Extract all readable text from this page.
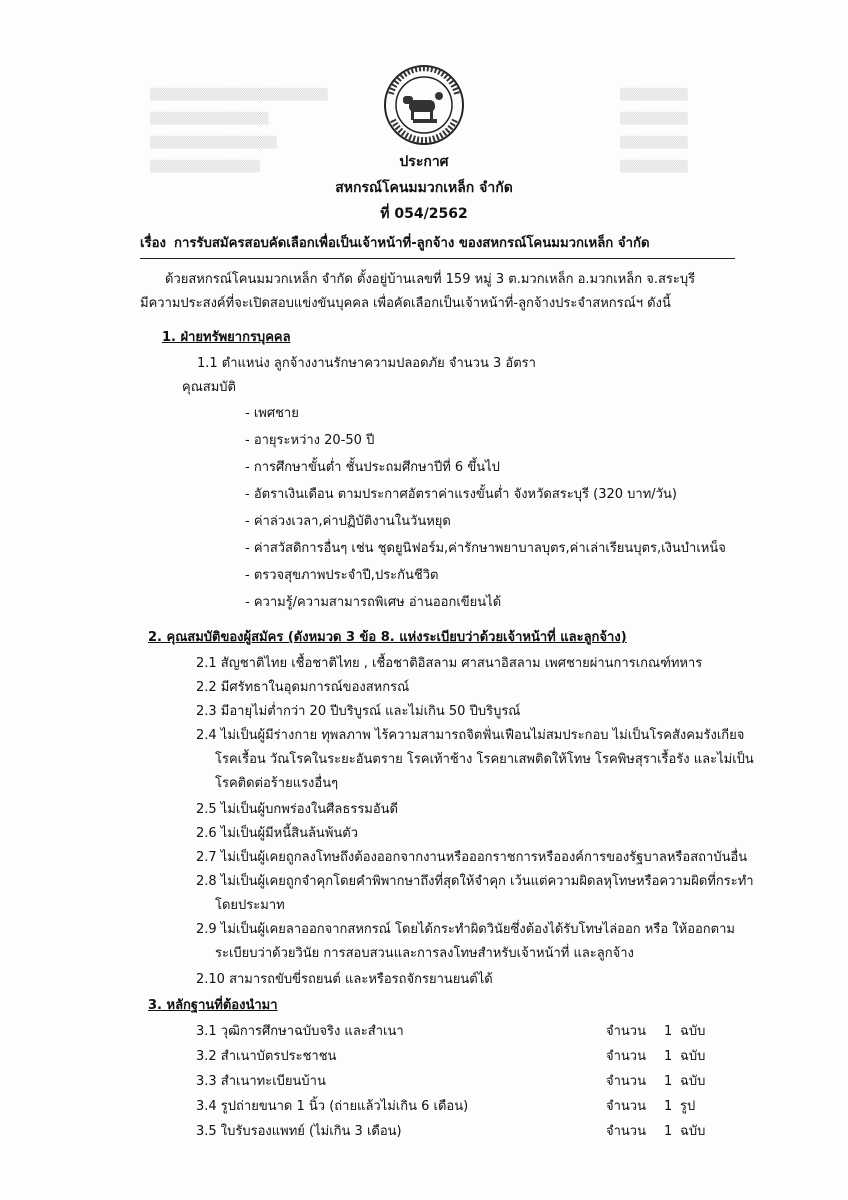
▒▒▒▒▒▒▒▒▒▒▒▒▒▒▒▒▒▒▒▒▒	▒▒▒▒▒▒▒▒
▒▒▒▒▒▒▒▒▒▒▒▒▒▒	▒▒▒▒▒▒▒▒
▒▒▒▒▒▒▒▒▒▒▒▒▒▒▒	▒▒▒▒▒▒▒▒
▒▒▒▒▒▒▒▒▒▒▒▒▒	▒▒▒▒▒▒▒▒
ประกาศ
สหกรณ์โคนมมวกเหล็ก จำกัด
ที่ 054/2562
เรื่อง การรับสมัครสอบคัดเลือกเพื่อเป็นเจ้าหน้าที่-ลูกจ้าง ของสหกรณ์โคนมมวกเหล็ก จำกัด
ด้วยสหกรณ์โคนมมวกเหล็ก จำกัด ตั้งอยู่บ้านเลขที่ 159 หมู่ 3 ต.มวกเหล็ก อ.มวกเหล็ก จ.สระบุรี
มีความประสงค์ที่จะเปิดสอบแข่งขันบุคคล เพื่อคัดเลือกเป็นเจ้าหน้าที่-ลูกจ้างประจำสหกรณ์ฯ ดังนี้
1. ฝ่ายทรัพยากรบุคคล
1.1 ตำแหน่ง ลูกจ้างงานรักษาความปลอดภัย จำนวน 3 อัตรา
คุณสมบัติ
- เพศชาย
- อายุระหว่าง 20-50 ปี
- การศึกษาขั้นต่ำ ชั้นประถมศึกษาปีที่ 6 ขึ้นไป
- อัตราเงินเดือน ตามประกาศอัตราค่าแรงขั้นต่ำ จังหวัดสระบุรี (320 บาท/วัน)
- ค่าล่วงเวลา,ค่าปฏิบัติงานในวันหยุด
- ค่าสวัสดิการอื่นๆ เช่น ชุดยูนิฟอร์ม,ค่ารักษาพยาบาลบุตร,ค่าเล่าเรียนบุตร,เงินบำเหน็จ
- ตรวจสุขภาพประจำปี,ประกันชีวิต
- ความรู้/ความสามารถพิเศษ อ่านออกเขียนได้
2. คุณสมบัติของผู้สมัคร (ดังหมวด 3 ข้อ 8. แห่งระเบียบว่าด้วยเจ้าหน้าที่ และลูกจ้าง)
2.1 สัญชาติไทย เชื้อชาติไทย , เชื้อชาติอิสลาม ศาสนาอิสลาม เพศชายผ่านการเกณฑ์ทหาร
2.2 มีศรัทธาในอุดมการณ์ของสหกรณ์
2.3 มีอายุไม่ต่ำกว่า 20 ปีบริบูรณ์ และไม่เกิน 50 ปีบริบูรณ์
2.4 ไม่เป็นผู้มีร่างกาย ทุพลภาพ ไร้ความสามารถจิตฟั่นเฟือนไม่สมประกอบ ไม่เป็นโรคสังคมรังเกียจ
โรคเรื้อน วัณโรคในระยะอันตราย โรคเท้าช้าง โรคยาเสพติดให้โทษ โรคพิษสุราเรื้อรัง และไม่เป็น
โรคติดต่อร้ายแรงอื่นๆ
2.5 ไม่เป็นผู้บกพร่องในศีลธรรมอันดี
2.6 ไม่เป็นผู้มีหนี้สินล้นพ้นตัว
2.7 ไม่เป็นผู้เคยถูกลงโทษถึงต้องออกจากงานหรือออกราชการหรือองค์การของรัฐบาลหรือสถาบันอื่น
2.8 ไม่เป็นผู้เคยถูกจำคุกโดยคำพิพากษาถึงที่สุดให้จำคุก เว้นแต่ความผิดลหุโทษหรือความผิดที่กระทำ
โดยประมาท
2.9 ไม่เป็นผู้เคยลาออกจากสหกรณ์ โดยได้กระทำผิดวินัยซึ่งต้องได้รับโทษไล่ออก หรือ ให้ออกตาม
ระเบียบว่าด้วยวินัย การสอบสวนและการลงโทษสำหรับเจ้าหน้าที่ และลูกจ้าง
2.10 สามารถขับขี่รถยนต์ และหรือรถจักรยานยนต์ได้
3. หลักฐานที่ต้องนำมา
3.1 วุฒิการศึกษาฉบับจริง และสำเนา	จำนวน 1 ฉบับ
3.2 สำเนาบัตรประชาชน	จำนวน 1 ฉบับ
3.3 สำเนาทะเบียนบ้าน	จำนวน 1 ฉบับ
3.4 รูปถ่ายขนาด 1 นิ้ว (ถ่ายแล้วไม่เกิน 6 เดือน)	จำนวน 1 รูป
3.5 ใบรับรองแพทย์ (ไม่เกิน 3 เดือน)	จำนวน 1 ฉบับ
